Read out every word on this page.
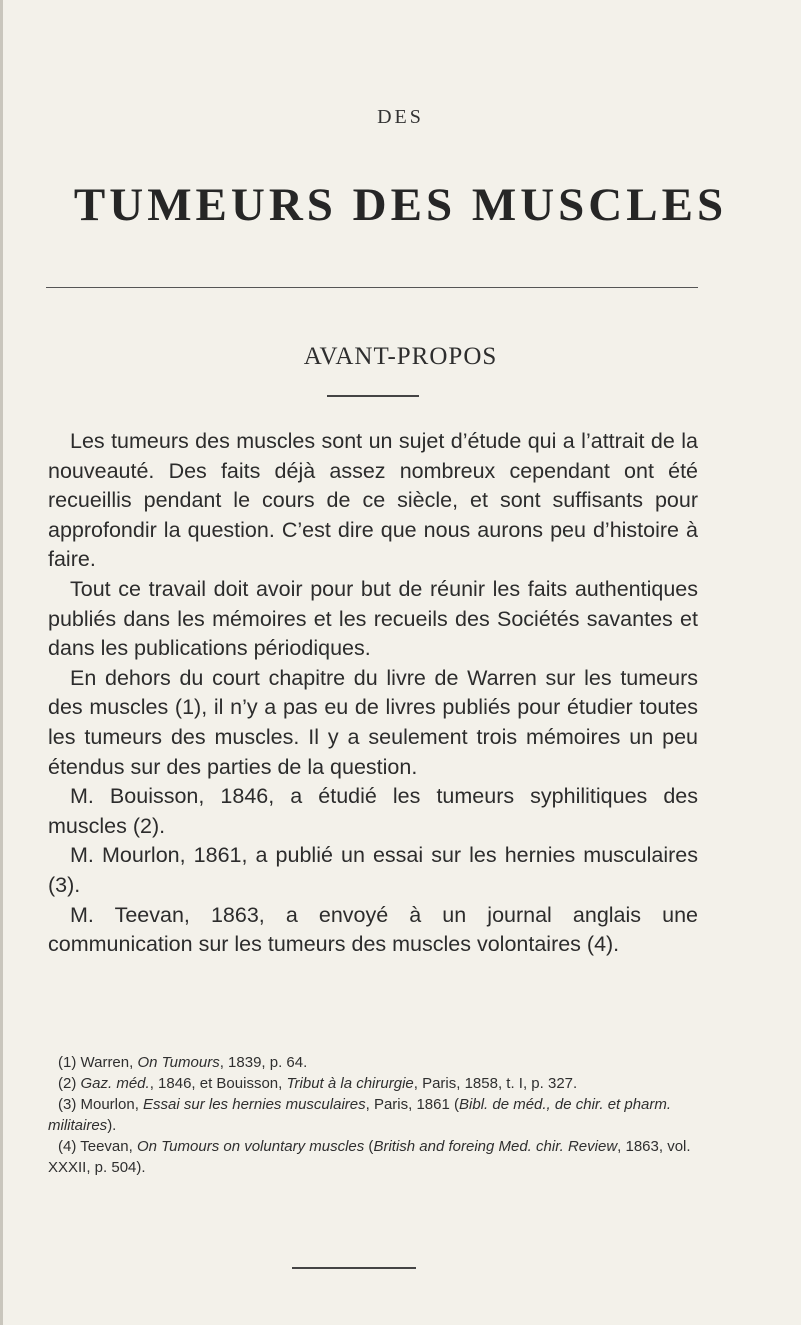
DES
TUMEURS DES MUSCLES
AVANT-PROPOS

Les tumeurs des muscles sont un sujet d’étude qui a l’attrait de la nouveauté. Des faits déjà assez nombreux cependant ont été recueillis pendant le cours de ce siècle, et sont suffisants pour approfondir la question. C’est dire que nous aurons peu d’histoire à faire.

Tout ce travail doit avoir pour but de réunir les faits authentiques publiés dans les mémoires et les recueils des Sociétés savantes et dans les publications périodiques.

En dehors du court chapitre du livre de Warren sur les tumeurs des muscles (1), il n’y a pas eu de livres publiés pour étudier toutes les tumeurs des muscles. Il y a seulement trois mémoires un peu étendus sur des parties de la question.

M. Bouisson, 1846, a étudié les tumeurs syphilitiques des muscles (2).

M. Mourlon, 1861, a publié un essai sur les hernies musculaires (3).

M. Teevan, 1863, a envoyé à un journal anglais une communication sur les tumeurs des muscles volontaires (4).

(1) Warren, On Tumours, 1839, p. 64.

(2) Gaz. méd., 1846, et Bouisson, Tribut à la chirurgie, Paris, 1858, t. I, p. 327.

(3) Mourlon, Essai sur les hernies musculaires, Paris, 1861 (Bibl. de méd., de chir. et pharm. militaires).

(4) Teevan, On Tumours on voluntary muscles (British and foreing Med. chir. Review, 1863, vol. XXXII, p. 504).
